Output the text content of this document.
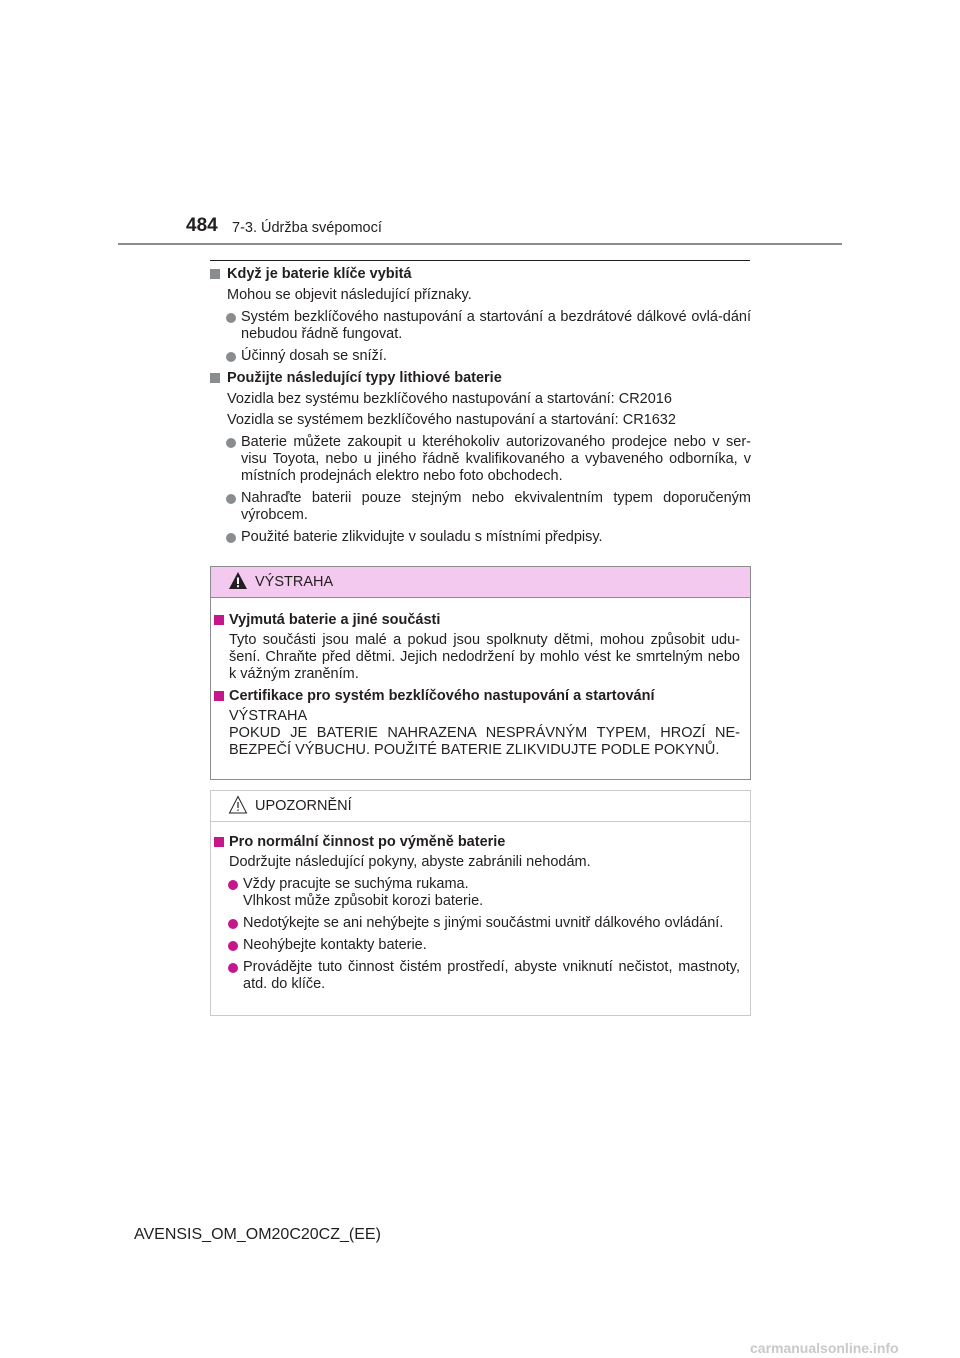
484 7-3. Údržba svépomocí
Když je baterie klíče vybitá
Mohou se objevit následující příznaky.
Systém bezklíčového nastupování a startování a bezdrátové dálkové ovlá-dání nebudou řádně fungovat.
Účinný dosah se sníží.
Použijte následující typy lithiové baterie
Vozidla bez systému bezklíčového nastupování a startování: CR2016
Vozidla se systémem bezklíčového nastupování a startování: CR1632
Baterie můžete zakoupit u kteréhokoliv autorizovaného prodejce nebo v ser-visu Toyota, nebo u jiného řádně kvalifikovaného a vybaveného odborníka, v místních prodejnách elektro nebo foto obchodech.
Nahraďte baterii pouze stejným nebo ekvivalentním typem doporučeným výrobcem.
Použité baterie zlikvidujte v souladu s místními předpisy.
VÝSTRAHA
Vyjmutá baterie a jiné součásti
Tyto součásti jsou malé a pokud jsou spolknuty dětmi, mohou způsobit udu-šení. Chraňte před dětmi. Jejich nedodržení by mohlo vést ke smrtelným nebo k vážným zraněním.
Certifikace pro systém bezklíčového nastupování a startování
VÝSTRAHA
POKUD JE BATERIE NAHRAZENA NESPRÁVNÝM TYPEM, HROZÍ NE-BEZPEČÍ VÝBUCHU. POUŽITÉ BATERIE ZLIKVIDUJTE PODLE POKYNŮ.
UPOZORNĚNÍ
Pro normální činnost po výměně baterie
Dodržujte následující pokyny, abyste zabránili nehodám.
Vždy pracujte se suchýma rukama.
Vlhkost může způsobit korozi baterie.
Nedotýkejte se ani nehýbejte s jinými součástmi uvnitř dálkového ovládání.
Neohýbejte kontakty baterie.
Provádějte tuto činnost čistém prostředí, abyste vniknutí nečistot, mastnoty, atd. do klíče.
AVENSIS_OM_OM20C20CZ_(EE)
carmanualsonline.info
